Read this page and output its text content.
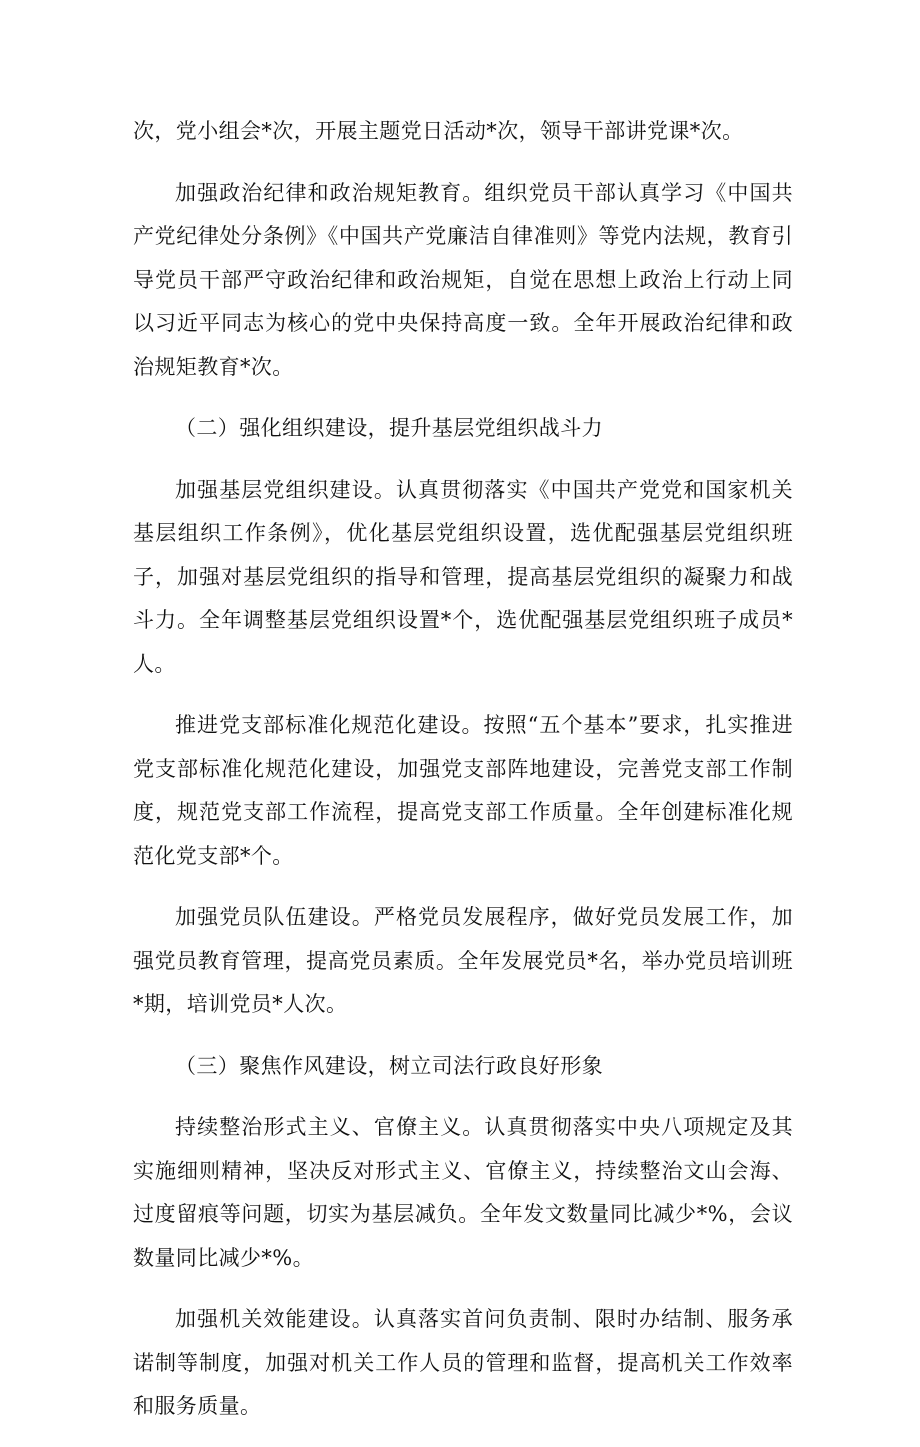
次，党小组会*次，开展主题党日活动*次，领导干部讲党课*次。

加强政治纪律和政治规矩教育。组织党员干部认真学习《中国共产党纪律处分条例》《中国共产党廉洁自律准则》等党内法规，教育引导党员干部严守政治纪律和政治规矩，自觉在思想上政治上行动上同以习近平同志为核心的党中央保持高度一致。全年开展政治纪律和政治规矩教育*次。

（二）强化组织建设，提升基层党组织战斗力

加强基层党组织建设。认真贯彻落实《中国共产党党和国家机关基层组织工作条例》，优化基层党组织设置，选优配强基层党组织班子，加强对基层党组织的指导和管理，提高基层党组织的凝聚力和战斗力。全年调整基层党组织设置*个，选优配强基层党组织班子成员*人。

推进党支部标准化规范化建设。按照“五个基本”要求，扎实推进党支部标准化规范化建设，加强党支部阵地建设，完善党支部工作制度，规范党支部工作流程，提高党支部工作质量。全年创建标准化规范化党支部*个。

加强党员队伍建设。严格党员发展程序，做好党员发展工作，加强党员教育管理，提高党员素质。全年发展党员*名，举办党员培训班*期，培训党员*人次。

（三）聚焦作风建设，树立司法行政良好形象

持续整治形式主义、官僚主义。认真贯彻落实中央八项规定及其实施细则精神，坚决反对形式主义、官僚主义，持续整治文山会海、过度留痕等问题，切实为基层减负。全年发文数量同比减少*%，会议数量同比减少*%。

加强机关效能建设。认真落实首问负责制、限时办结制、服务承诺制等制度，加强对机关工作人员的管理和监督，提高机关工作效率和服务质量。
